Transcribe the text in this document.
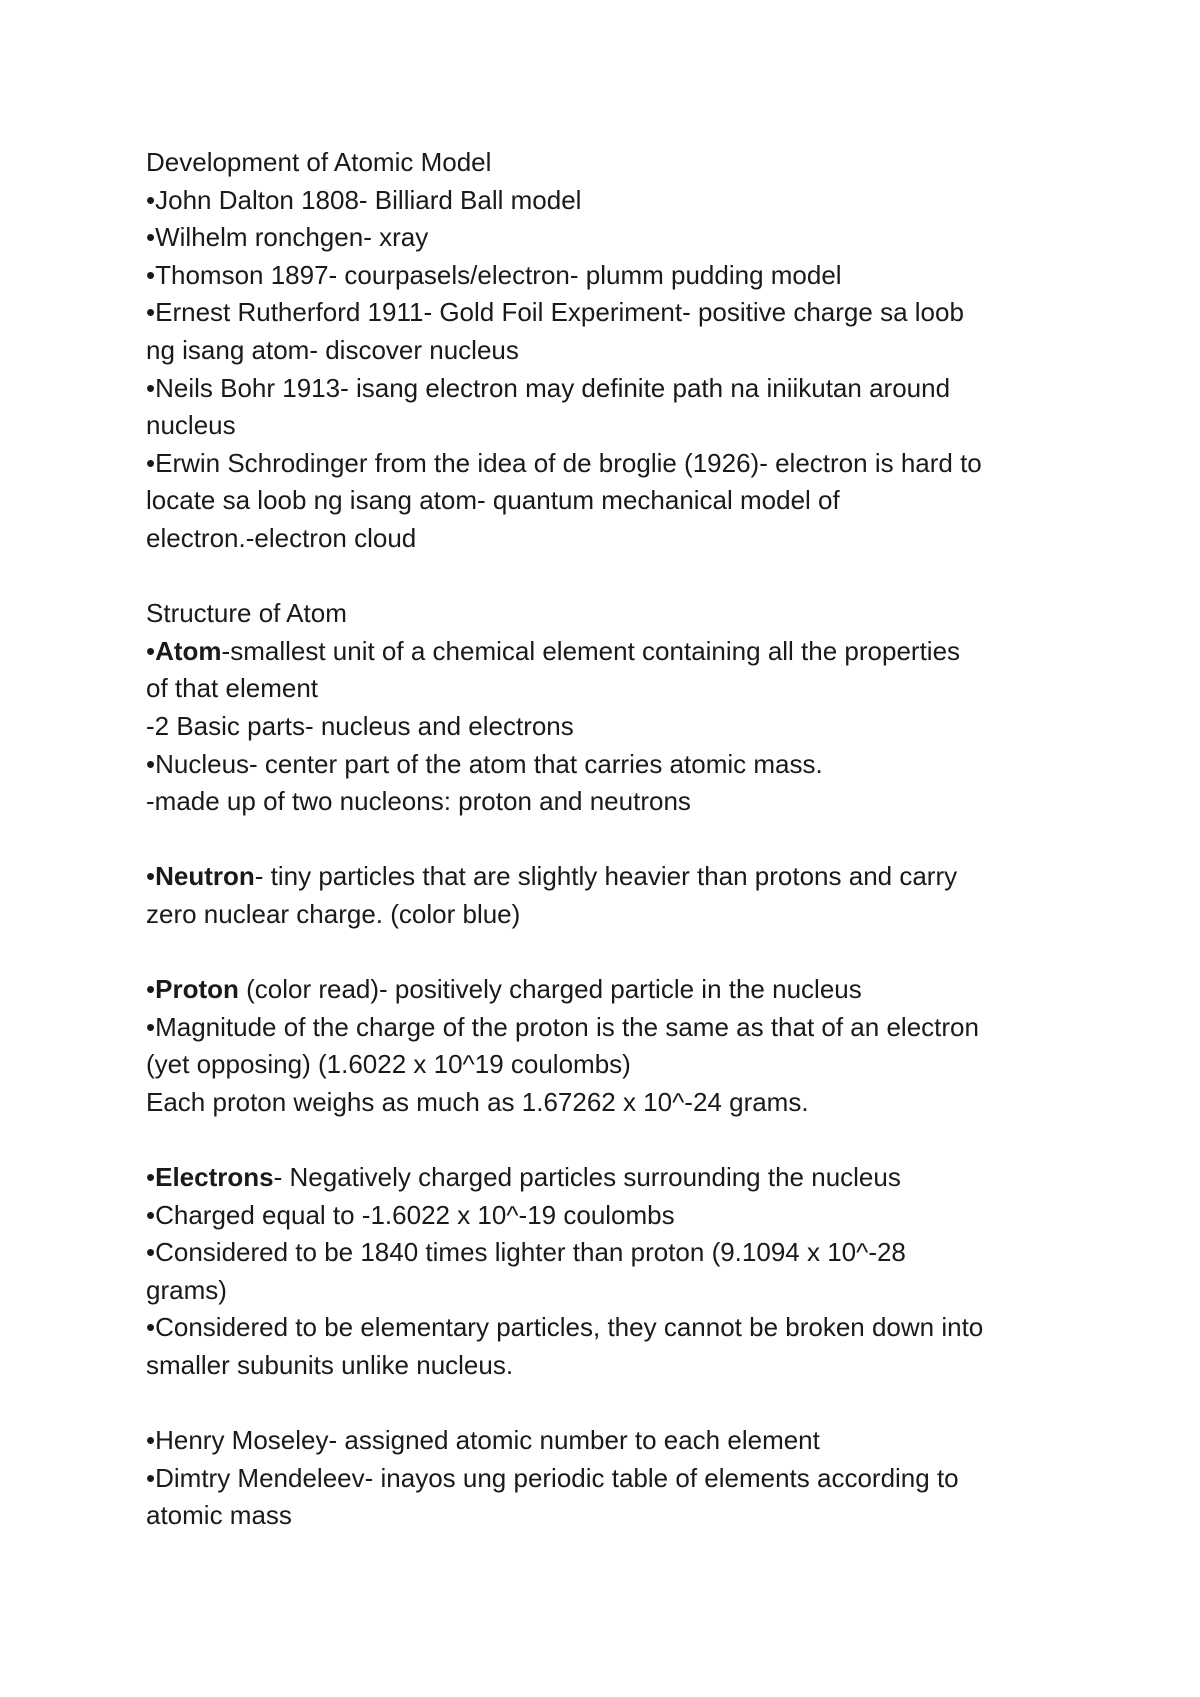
Development of Atomic Model
•John Dalton 1808- Billiard Ball model
•Wilhelm ronchgen- xray
•Thomson 1897- courpasels/electron- plumm pudding model
•Ernest Rutherford 1911- Gold Foil Experiment- positive charge sa loob
ng isang atom- discover nucleus
•Neils Bohr 1913- isang electron may definite path na iniikutan around
nucleus
•Erwin Schrodinger from the idea of de broglie (1926)- electron is hard to
locate sa loob ng isang atom- quantum mechanical model of
electron.-electron cloud
Structure of Atom
•Atom-smallest unit of a chemical element containing all the properties
of that element
-2 Basic parts- nucleus and electrons
•Nucleus- center part of the atom that carries atomic mass.
-made up of two nucleons: proton and neutrons
•Neutron- tiny particles that are slightly heavier than protons and carry
zero nuclear charge. (color blue)
•Proton (color read)- positively charged particle in the nucleus
•Magnitude of the charge of the proton is the same as that of an electron
(yet opposing) (1.6022 x 10^19 coulombs)
Each proton weighs as much as 1.67262 x 10^-24 grams.
•Electrons- Negatively charged particles surrounding the nucleus
•Charged equal to -1.6022 x 10^-19 coulombs
•Considered to be 1840 times lighter than proton (9.1094 x 10^-28
grams)
•Considered to be elementary particles, they cannot be broken down into
smaller subunits unlike nucleus.
•Henry Moseley- assigned atomic number to each element
•Dimtry Mendeleev- inayos ung periodic table of elements according to
atomic mass
